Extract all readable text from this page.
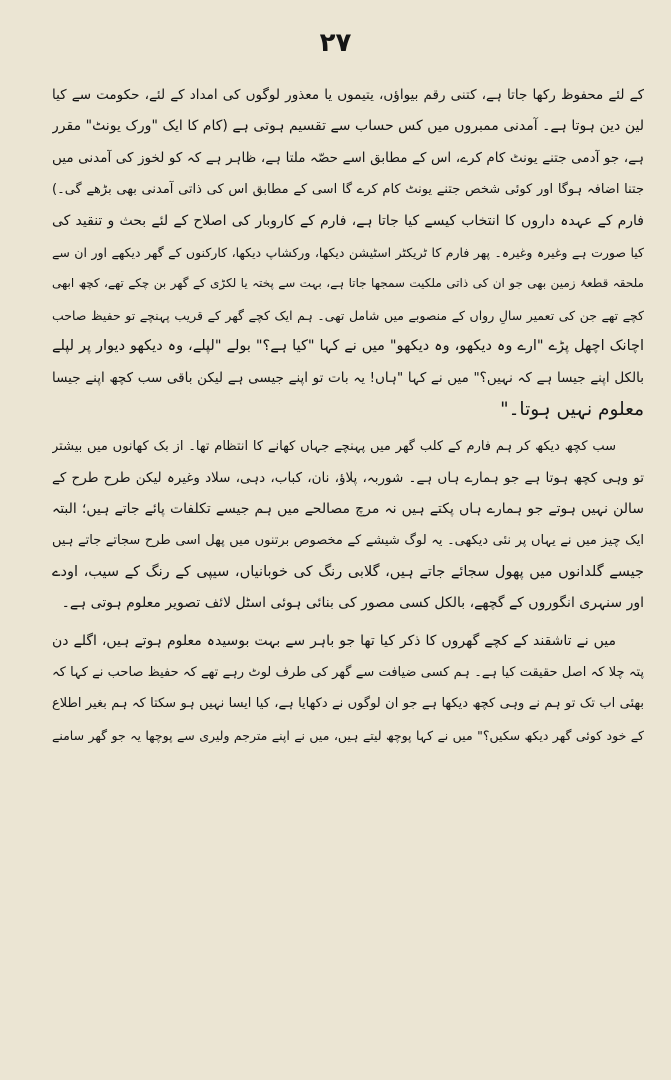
۲۷
کے لئے محفوظ رکھا جاتا ہے، کتنی رقم بیواؤں، یتیموں یا معذور لوگوں کی امداد کے لئے، حکومت سے کیا
لین دین ہوتا ہے۔ آمدنی ممبروں میں کس حساب سے تقسیم ہوتی ہے (کام کا ایک "ورک یونٹ" مقرر
ہے، جو آدمی جتنے یونٹ کام کرے، اس کے مطابق اسے حصّہ ملتا ہے، ظاہر ہے کہ کو لخوز کی آمدنی میں
جتنا اضافہ ہوگا اور کوئی شخص جتنے یونٹ کام کرے گا اسی کے مطابق اس کی ذاتی آمدنی بھی بڑھے گی۔)
فارم کے عہدہ داروں کا انتخاب کیسے کیا جاتا ہے، فارم کے کاروبار کی اصلاح کے لئے بحث و تنقید کی
کیا صورت ہے وغیرہ وغیرہ۔ پھر فارم کا ٹریکٹر اسٹیشن دیکھا، ورکشاپ دیکھا، کارکنوں کے گھر دیکھے اور ان سے
ملحقہ قطعۂ زمین بھی جو ان کی ذاتی ملکیت سمجھا جاتا ہے، بہت سے پختہ یا لکڑی کے گھر بن چکے تھے، کچھ ابھی
کچے تھے جن کی تعمیر سالِ رواں کے منصوبے میں شامل تھی۔ ہم ایک کچے گھر کے قریب پہنچے تو حفیظ صاحب
اچانک اچھل پڑے "ارے وہ دیکھو، وہ دیکھو" میں نے کہا "کیا ہے؟" بولے "لپلے، وہ دیکھو دیوار پر لپلے
بالکل اپنے جیسا ہے کہ نہیں؟" میں نے کہا "ہاں! یہ بات تو اپنے جیسی ہے لیکن باقی سب کچھ اپنے جیسا
معلوم نہیں ہوتا۔"
سب کچھ دیکھ کر ہم فارم کے کلب گھر میں پہنچے جہاں کھانے کا انتظام تھا۔ از بک کھانوں میں بیشتر
تو وہی کچھ ہوتا ہے جو ہمارے ہاں ہے۔ شوربہ، پلاؤ، نان، کباب، دہی، سلاد وغیرہ لیکن طرح طرح کے
سالن نہیں ہوتے جو ہمارے ہاں پکتے ہیں نہ مرچ مصالحے میں ہم جیسے تکلفات پائے جاتے ہیں؛ البتہ
ایک چیز میں نے یہاں پر نئی دیکھی۔ یہ لوگ شیشے کے مخصوص برتنوں میں پھل اسی طرح سجاتے جاتے ہیں
جیسے گلدانوں میں پھول سجائے جاتے ہیں، گلابی رنگ کی خوبانیاں، سیپی کے رنگ کے سیب، اودے
اور سنہری انگوروں کے گچھے، بالکل کسی مصور کی بنائی ہوئی اسٹل لائف تصویر معلوم ہوتی ہے۔
میں نے تاشقند کے کچے گھروں کا ذکر کیا تھا جو باہر سے بہت بوسیدہ معلوم ہوتے ہیں، اگلے دن
پتہ چلا کہ اصل حقیقت کیا ہے۔ ہم کسی ضیافت سے گھر کی طرف لوٹ رہے تھے کہ حفیظ صاحب نے کہا کہ
بھئی اب تک تو ہم نے وہی کچھ دیکھا ہے جو ان لوگوں نے دکھایا ہے، کیا ایسا نہیں ہو سکتا کہ ہم بغیر اطلاع
کے خود کوئی گھر دیکھ سکیں؟" میں نے کہا پوچھ لیتے ہیں، میں نے اپنے مترجم ولیری سے پوچھا یہ جو گھر سامنے
